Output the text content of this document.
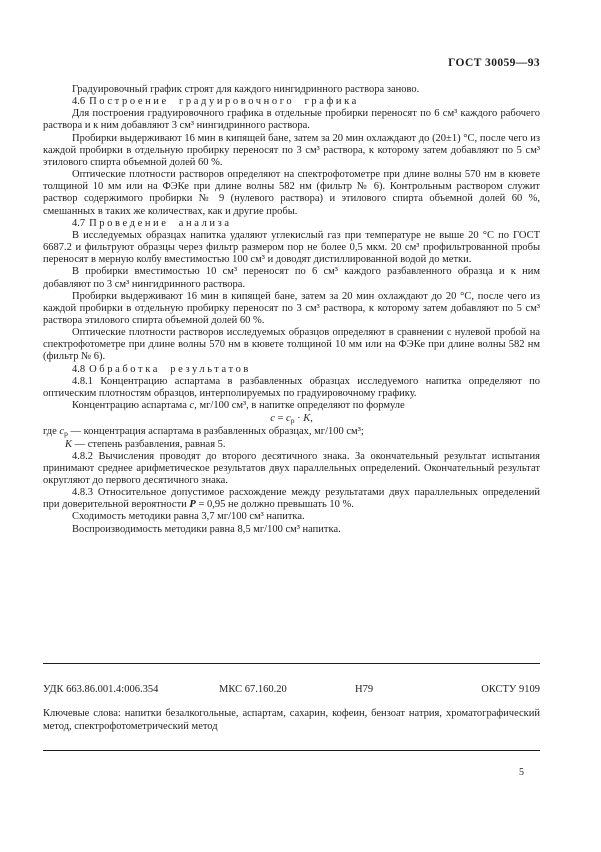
ГОСТ 30059—93

Градуировочный график строят для каждого нингидринного раствора заново.

4.6 Построение градуировочного графика

Для построения градуировочного графика в отдельные пробирки переносят по 6 см³ каждого рабочего раствора и к ним добавляют 3 см³ нингидринного раствора.

Пробирки выдерживают 16 мин в кипящей бане, затем за 20 мин охлаждают до (20±1) °С, после чего из каждой пробирки в отдельную пробирку переносят по 3 см³ раствора, к которому затем добавляют по 5 см³ этилового спирта объемной долей 60 %.

Оптические плотности растворов определяют на спектрофотометре при длине волны 570 нм в кювете толщиной 10 мм или на ФЭКе при длине волны 582 нм (фильтр № 6). Контрольным раствором служит раствор содержимого пробирки № 9 (нулевого раствора) и этилового спирта объемной долей 60 %, смешанных в таких же количествах, как и другие пробы.

4.7 Проведение анализа

В исследуемых образцах напитка удаляют углекислый газ при температуре не выше 20 °С по ГОСТ 6687.2 и фильтруют образцы через фильтр размером пор не более 0,5 мкм. 20 см³ профильтрованной пробы переносят в мерную колбу вместимостью 100 см³ и доводят дистиллированной водой до метки.

В пробирки вместимостью 10 см³ переносят по 6 см³ каждого разбавленного образца и к ним добавляют по 3 см³ нингидринного раствора.

Пробирки выдерживают 16 мин в кипящей бане, затем за 20 мин охлаждают до 20 °С, после чего из каждой пробирки в отдельную пробирку переносят по 3 см³ раствора, к которому затем добавляют по 5 см³ раствора этилового спирта объемной долей 60 %.

Оптические плотности растворов исследуемых образцов определяют в сравнении с нулевой пробой на спектрофотометре при длине волны 570 нм в кювете толщиной 10 мм или на ФЭКе при длине волны 582 нм (фильтр № 6).

4.8 Обработка результатов

4.8.1 Концентрацию аспартама в разбавленных образцах исследуемого напитка определяют по оптическим плотностям образцов, интерполируемых по градуировочному графику.

Концентрацию аспартама с, мг/100 см³, в напитке определяют по формуле

$с = с_р \cdot К$,

где $с_р$ — концентрация аспартама в разбавленных образцах, мг/100 см³;

К — степень разбавления, равная 5.

4.8.2 Вычисления проводят до второго десятичного знака. За окончательный результат испытания принимают среднее арифметическое результатов двух параллельных определений. Окончательный результат округляют до первого десятичного знака.

4.8.3 Относительное допустимое расхождение между результатами двух параллельных определений при доверительной вероятности Р = 0,95 не должно превышать 10 %.

Сходимость методики равна 3,7 мг/100 см³ напитка.

Воспроизводимость методики равна 8,5 мг/100 см³ напитка.

УДК 663.86.001.4:006.354	МКС 67.160.20	Н79	ОКСТУ 9109

Ключевые слова: напитки безалкогольные, аспартам, сахарин, кофеин, бензоат натрия, хроматографический метод, спектрофотометрический метод

5
